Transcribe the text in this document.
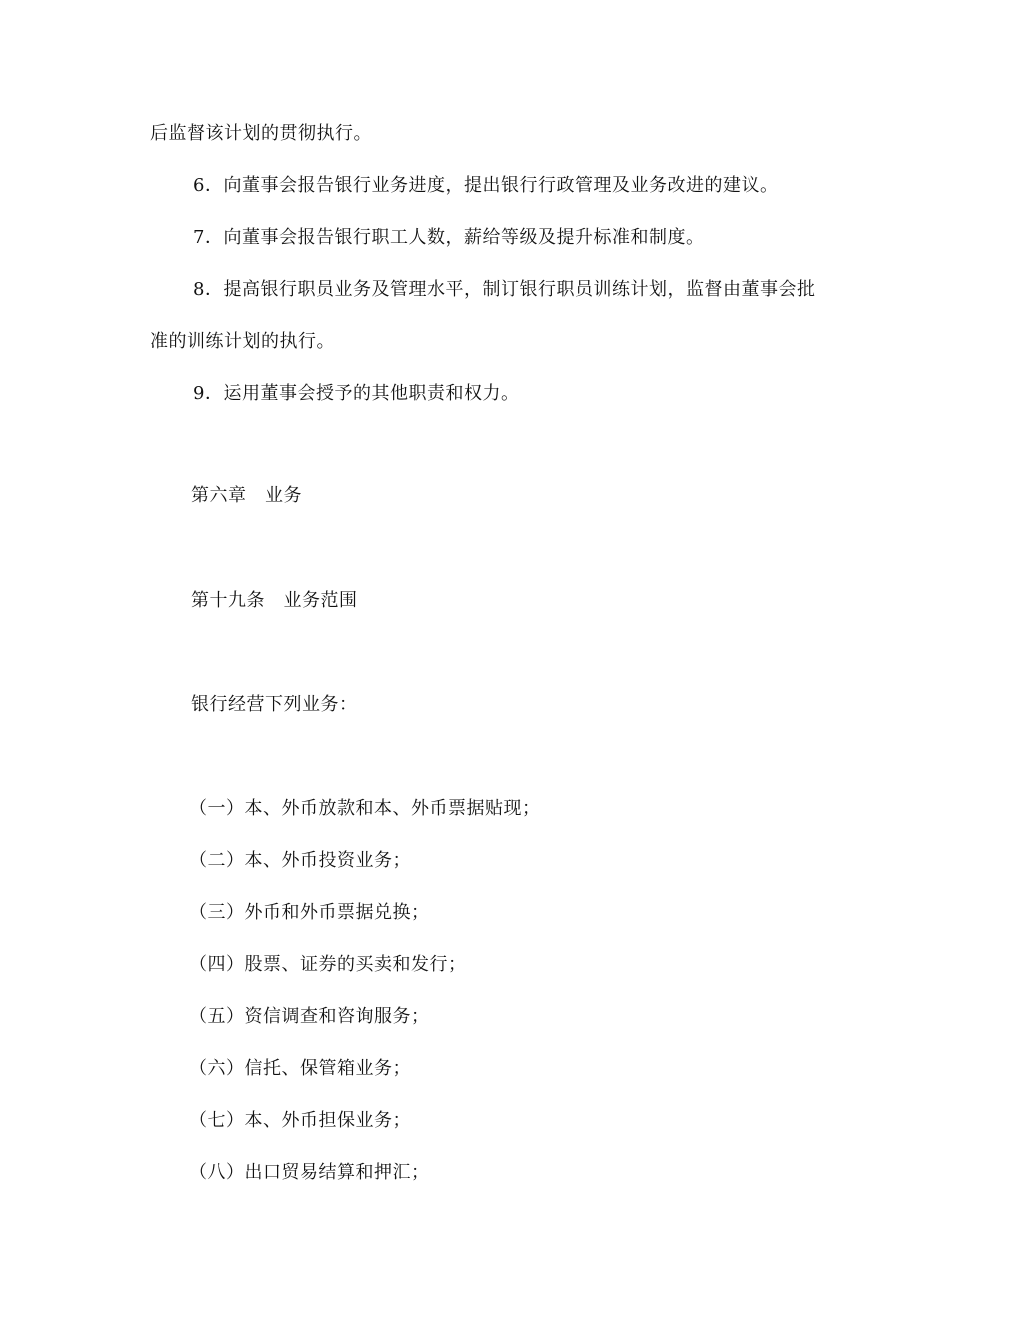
后监督该计划的贯彻执行。
6．向董事会报告银行业务进度，提出银行行政管理及业务改进的建议。
7．向董事会报告银行职工人数，薪给等级及提升标准和制度。
8．提高银行职员业务及管理水平，制订银行职员训练计划，监督由董事会批
准的训练计划的执行。
9．运用董事会授予的其他职责和权力。
第六章　业务
第十九条　业务范围
银行经营下列业务：
（一）本、外币放款和本、外币票据贴现；
（二）本、外币投资业务；
（三）外币和外币票据兑换；
（四）股票、证券的买卖和发行；
（五）资信调查和咨询服务；
（六）信托、保管箱业务；
（七）本、外币担保业务；
（八）出口贸易结算和押汇；
